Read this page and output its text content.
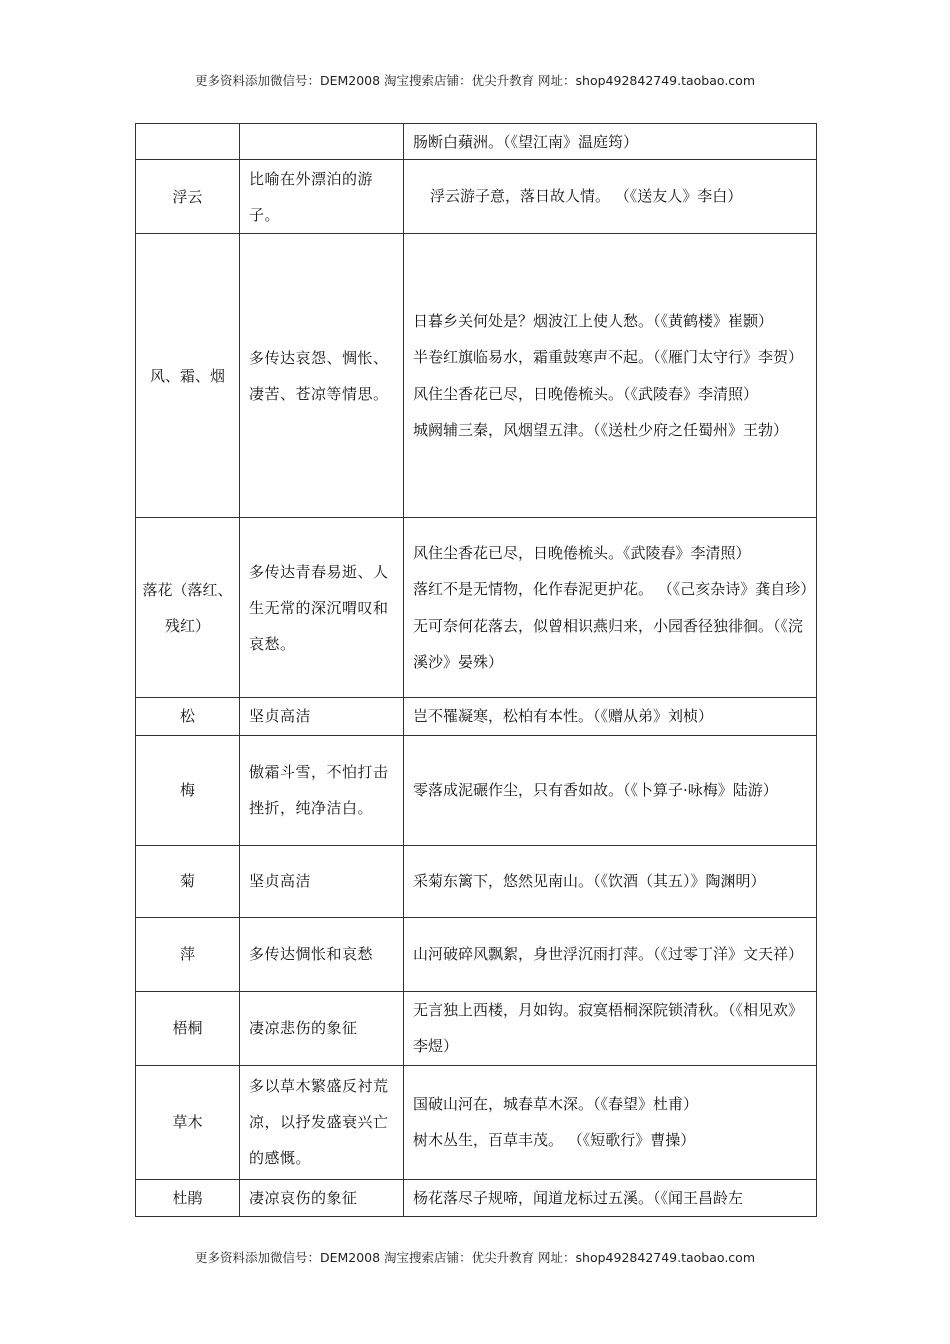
更多资料添加微信号：DEM2008 淘宝搜索店铺：优尖升教育 网址：shop492842749.taobao.com

		肠断白蘋洲。（《望江南》温庭筠）

浮云	比喻在外漂泊的游子。	浮云游子意，落日故人情。 （《送友人》李白）

风、霜、烟	多传达哀怨、惆怅、凄苦、苍凉等情思。	日暮乡关何处是？烟波江上使人愁。（《黄鹤楼》崔颢）
半卷红旗临易水，霜重鼓寒声不起。（《雁门太守行》李贺）
风住尘香花已尽，日晚倦梳头。（《武陵春》李清照）
城阙辅三秦，风烟望五津。（《送杜少府之任蜀州》王勃）

落花（落红、残红）	多传达青春易逝、人生无常的深沉喟叹和哀愁。	风住尘香花已尽，日晚倦梳头。《武陵春》李清照）
落红不是无情物，化作春泥更护花。 （《己亥杂诗》龚自珍）
无可奈何花落去，似曾相识燕归来，小园香径独徘徊。（《浣溪沙》晏殊）

松	坚贞高洁	岂不罹凝寒，松柏有本性。（《赠从弟》刘桢）

梅	傲霜斗雪，不怕打击挫折，纯净洁白。	零落成泥碾作尘，只有香如故。（《卜算子·咏梅》陆游）

菊	坚贞高洁	采菊东篱下，悠然见南山。（《饮酒（其五）》陶渊明）

萍	多传达惆怅和哀愁	山河破碎风飘絮，身世浮沉雨打萍。（《过零丁洋》文天祥）

梧桐	凄凉悲伤的象征	无言独上西楼，月如钩。寂寞梧桐深院锁清秋。（《相见欢》李煜）

草木	多以草木繁盛反衬荒凉，以抒发盛衰兴亡的感慨。	国破山河在，城春草木深。（《春望》杜甫）
树木丛生，百草丰茂。 （《短歌行》曹操）

杜鹃	凄凉哀伤的象征	杨花落尽子规啼，闻道龙标过五溪。（《闻王昌龄左
更多资料添加微信号：DEM2008 淘宝搜索店铺：优尖升教育 网址：shop492842749.taobao.com
